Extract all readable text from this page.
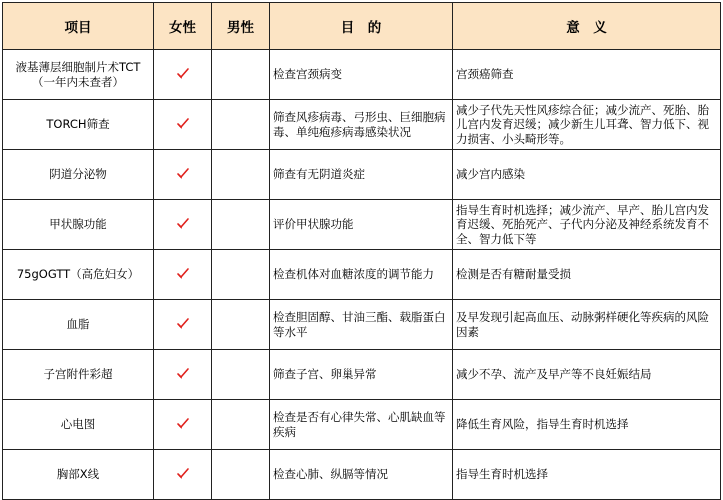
项目	女性	男性	目　的	意　义
液基薄层细胞制片术TCT（一年内未查者）			检查宫颈病变	宫颈癌筛查
TORCH筛查			筛查风疹病毒、弓形虫、巨细胞病毒、单纯疱疹病毒感染状况	减少子代先天性风疹综合征；减少流产、死胎、胎儿宫内发育迟缓；减少新生儿耳聋、智力低下、视力损害、小头畸形等。
阴道分泌物			筛查有无阴道炎症	减少宫内感染
甲状腺功能			评价甲状腺功能	指导生育时机选择；减少流产、早产、胎儿宫内发育迟缓、死胎死产、子代内分泌及神经系统发育不全、智力低下等
75gOGTT（高危妇女）			检查机体对血糖浓度的调节能力	检测是否有糖耐量受损
血脂			检查胆固醇、甘油三酯、载脂蛋白等水平	及早发现引起高血压、动脉粥样硬化等疾病的风险因素
子宫附件彩超			筛查子宫、卵巢异常	减少不孕、流产及早产等不良妊娠结局
心电图			检查是否有心律失常、心肌缺血等疾病	降低生育风险，指导生育时机选择
胸部X线			检查心肺、纵膈等情况	指导生育时机选择
